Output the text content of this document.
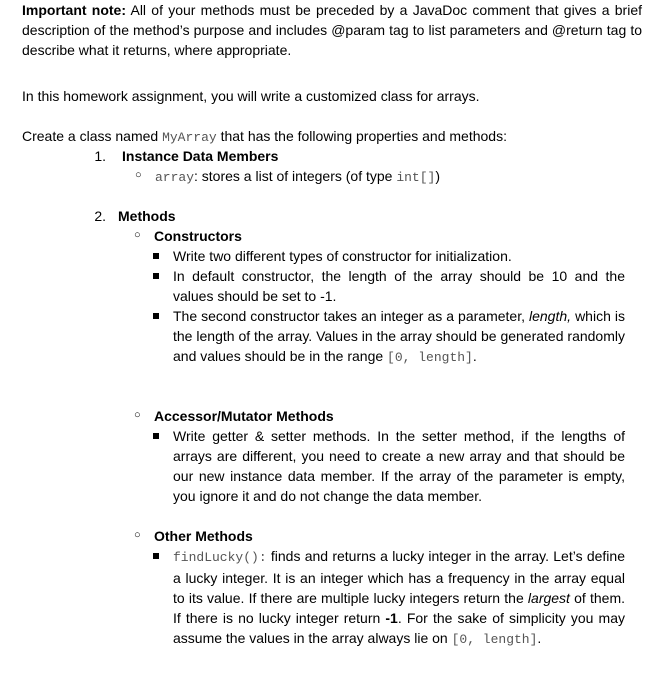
Important note: All of your methods must be preceded by a JavaDoc comment that gives a brief description of the method’s purpose and includes @param tag to list parameters and @return tag to describe what it returns, where appropriate.
In this homework assignment, you will write a customized class for arrays.
Create a class named MyArray that has the following properties and methods:
1. Instance Data Members
○ array: stores a list of integers (of type int[])
2. Methods
○ Constructors
Write two different types of constructor for initialization.
In default constructor, the length of the array should be 10 and the values should be set to -1.
The second constructor takes an integer as a parameter, length, which is the length of the array. Values in the array should be generated randomly and values should be in the range [0, length].
○ Accessor/Mutator Methods
Write getter & setter methods. In the setter method, if the lengths of arrays are different, you need to create a new array and that should be our new instance data member. If the array of the parameter is empty, you ignore it and do not change the data member.
○ Other Methods
findLucky(): finds and returns a lucky integer in the array. Let’s define a lucky integer. It is an integer which has a frequency in the array equal to its value. If there are multiple lucky integers return the largest of them. If there is no lucky integer return -1. For the sake of simplicity you may assume the values in the array always lie on [0, length].
